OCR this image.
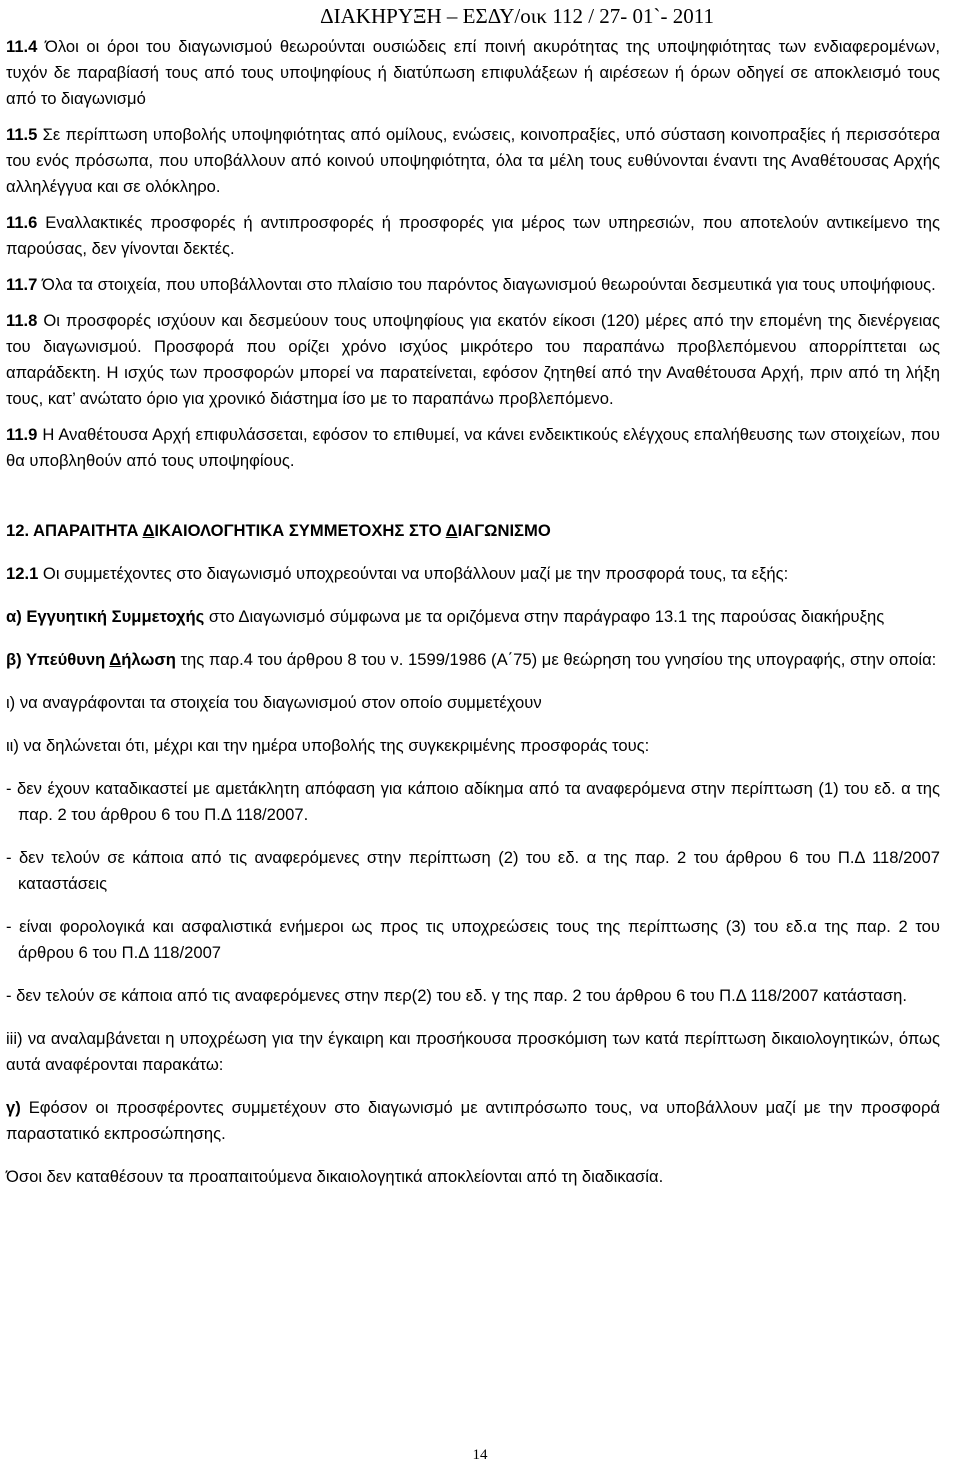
ΔΙΑΚΗΡΥΞΗ – ΕΣΔΥ/οικ 112 / 27- 01`- 2011

11.4 Όλοι οι όροι του διαγωνισμού θεωρούνται ουσιώδεις επί ποινή ακυρότητας της υποψηφιότητας των ενδιαφερομένων, τυχόν δε παραβίασή τους από τους υποψηφίους ή διατύπωση επιφυλάξεων ή αιρέσεων ή όρων οδηγεί σε αποκλεισμό τους από το διαγωνισμό

11.5 Σε περίπτωση υποβολής υποψηφιότητας από ομίλους, ενώσεις, κοινοπραξίες, υπό σύσταση κοινοπραξίες ή περισσότερα του ενός πρόσωπα, που υποβάλλουν από κοινού υποψηφιότητα, όλα τα μέλη τους ευθύνονται έναντι της Αναθέτουσας Αρχής αλληλέγγυα και σε ολόκληρο.

11.6 Εναλλακτικές προσφορές ή αντιπροσφορές ή προσφορές για μέρος των υπηρεσιών, που αποτελούν αντικείμενο της παρούσας, δεν γίνονται δεκτές.

11.7 Όλα τα στοιχεία, που υποβάλλονται στο πλαίσιο του παρόντος διαγωνισμού θεωρούνται δεσμευτικά για τους υποψήφιους.

11.8 Οι προσφορές ισχύουν και δεσμεύουν τους υποψηφίους για εκατόν είκοσι (120) μέρες από την επομένη της διενέργειας του διαγωνισμού. Προσφορά που ορίζει χρόνο ισχύος μικρότερο του παραπάνω προβλεπόμενου απορρίπτεται ως απαράδεκτη. Η ισχύς των προσφορών μπορεί να παρατείνεται, εφόσον ζητηθεί από την Αναθέτουσα Αρχή, πριν από τη λήξη τους, κατ’ ανώτατο όριο για χρονικό διάστημα ίσο με το παραπάνω προβλεπόμενο.

11.9 Η Αναθέτουσα Αρχή επιφυλάσσεται, εφόσον το επιθυμεί, να κάνει ενδεικτικούς ελέγχους επαλήθευσης των στοιχείων, που θα υποβληθούν από τους υποψηφίους.

12. ΑΠΑΡΑΙΤΗΤΑ ΔΙΚΑΙΟΛΟΓΗΤΙΚΑ ΣΥΜΜΕΤΟΧΗΣ ΣΤΟ ΔΙΑΓΩΝΙΣΜΟ

12.1 Οι συμμετέχοντες στο διαγωνισμό υποχρεούνται να υποβάλλουν μαζί με την προσφορά τους, τα εξής:

α) Εγγυητική Συμμετοχής στο Διαγωνισμό σύμφωνα με τα οριζόμενα στην παράγραφο 13.1 της παρούσας διακήρυξης

β) Υπεύθυνη Δήλωση της παρ.4 του άρθρου 8 του ν. 1599/1986 (Α΄75) με θεώρηση του γνησίου της υπογραφής, στην οποία:

ι) να αναγράφονται τα στοιχεία του διαγωνισμού στον οποίο συμμετέχουν

ιι) να δηλώνεται ότι, μέχρι και την ημέρα υποβολής της συγκεκριμένης προσφοράς τους:

- δεν έχουν καταδικαστεί με αμετάκλητη απόφαση για κάποιο αδίκημα από τα αναφερόμενα στην περίπτωση (1) του εδ. α της παρ. 2 του άρθρου 6 του Π.Δ 118/2007.

- δεν τελούν σε κάποια από τις αναφερόμενες στην περίπτωση (2) του εδ. α της παρ. 2 του άρθρου 6 του Π.Δ 118/2007 καταστάσεις

- είναι φορολογικά και ασφαλιστικά ενήμεροι ως προς τις υποχρεώσεις τους της περίπτωσης (3) του εδ.α της παρ. 2 του άρθρου 6 του Π.Δ 118/2007

- δεν τελούν σε κάποια από τις αναφερόμενες στην περ(2) του εδ. γ της παρ. 2 του άρθρου 6 του Π.Δ 118/2007 κατάσταση.

iii) να αναλαμβάνεται η υποχρέωση για την έγκαιρη και προσήκουσα προσκόμιση των κατά περίπτωση δικαιολογητικών, όπως αυτά αναφέρονται παρακάτω:

γ) Εφόσον οι προσφέροντες συμμετέχουν στο διαγωνισμό με αντιπρόσωπο τους, να υποβάλλουν μαζί με την προσφορά παραστατικό εκπροσώπησης.

Όσοι δεν καταθέσουν τα προαπαιτούμενα δικαιολογητικά αποκλείονται από τη διαδικασία.

14
